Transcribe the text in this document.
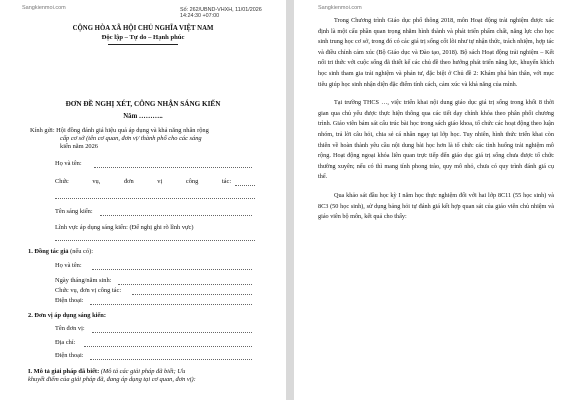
Sangkienmoi.com	Số: 262/UBND-VHXH, 11/01/2026
14:24:30 +07:00
CỘNG HÒA XÃ HỘI CHỦ NGHĨA VIỆT NAM
Độc lập – Tự do – Hạnh phúc
ĐƠN ĐỀ NGHỊ XÉT, CÔNG NHẬN SÁNG KIẾN
Năm ………..
Kính gửi: Hội đồng đánh giá hiệu quả áp dụng và khả năng nhân rộng
cấp cơ sở (tên cơ quan, đơn vị/ thành phố cho các sáng
kiến năm 2026
Họ và tên:
Chức vụ, đơn vị công tác:
Tên sáng kiến:
Lĩnh vực áp dụng sáng kiến: (Để nghị ghi rõ lĩnh vực)
1. Đồng tác giả (nếu có):
Họ và tên:
Ngày tháng/năm sinh:
Chức vụ, đơn vị công tác:
Điện thoại:
2. Đơn vị áp dụng sáng kiến:
Tên đơn vị:
Địa chỉ:
Điện thoại:
I. Mô tả giải pháp đã biết: (Mô tả các giải pháp đã biết; Ưu
khuyết điểm của giải pháp đã, đang áp dụng tại cơ quan, đơn vị):
Sangkienmoi.com

Trong Chương trình Giáo dục phổ thông 2018, môn Hoạt động trải nghiệm được xác định là một cấu phần quan trọng nhằm hình thành và phát triển phẩm chất, năng lực cho học sinh trung học cơ sở, trong đó có các giá trị sống cốt lõi như tự nhận thức, trách nhiệm, hợp tác và điều chỉnh cảm xúc (Bộ Giáo dục và Đào tạo, 2018). Bộ sách Hoạt động trải nghiệm – Kết nối tri thức với cuộc sống đã thiết kế các chủ đề theo hướng phát triển năng lực, khuyến khích học sinh tham gia trải nghiệm và phản tư, đặc biệt ở Chủ đề 2: Khám phá bản thân, với mục tiêu giúp học sinh nhận diện đặc điểm tính cách, cảm xúc và khả năng của mình.

Tại trường THCS …, việc triển khai nội dung giáo dục giá trị sống trong khối 8 thời gian qua chủ yếu được thực hiện thông qua các tiết dạy chính khóa theo phân phối chương trình. Giáo viên bám sát cấu trúc bài học trong sách giáo khoa, tổ chức các hoạt động theo luận nhóm, trả lời câu hỏi, chia sẻ cá nhân ngay tại lớp học. Tuy nhiên, hình thức triển khai còn thiên về hoàn thành yêu cầu nội dung bài học hơn là tổ chức các tình huống trải nghiệm mô rộng. Hoạt động ngoại khóa liên quan trực tiếp đến giáo dục giá trị sống chưa được tổ chức thường xuyên; nếu có thì mang tính phong trào, quy mô nhỏ, chưa có quy trình đánh giá cụ thể.

Qua khảo sát đầu học kỳ I năm học thực nghiệm đối với hai lớp 8C11 (55 học sinh) và 8C3 (50 học sinh), sử dụng bảng hỏi tự đánh giá kết hợp quan sát của giáo viên chủ nhiệm và giáo viên bộ môn, kết quả cho thấy:
